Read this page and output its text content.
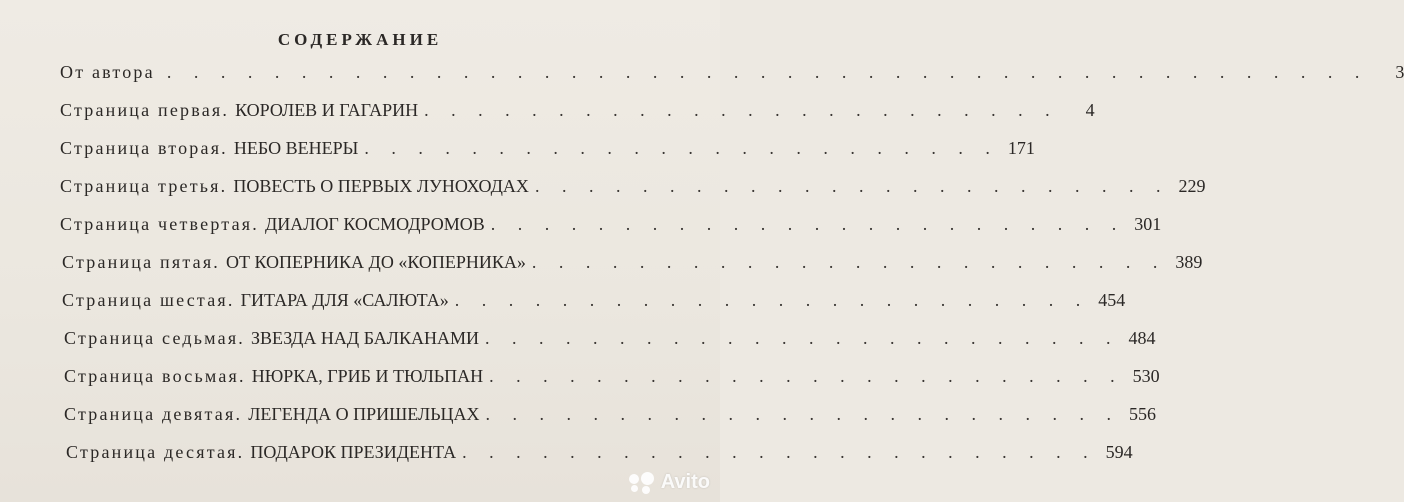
СОДЕРЖАНИЕ
От автора . . . . . . . . . . . . . . . . . . . . . . . . . . . . . . . . . . . . . . . . . . . . .	3
Страница первая. КОРОЛЕВ И ГАГАРИН . . . . . . . . . . . . . . . . . . . . . . . .	4
Страница вторая. НЕБО ВЕНЕРЫ . . . . . . . . . . . . . . . . . . . . . . . . 171
Страница третья. ПОВЕСТЬ О ПЕРВЫХ ЛУНОХОДАХ . . . . . . . . . . . . . . . . . . . . . . . . 229
Страница четвертая. ДИАЛОГ КОСМОДРОМОВ . . . . . . . . . . . . . . . . . . . . . . . . 301
Страница пятая. ОТ КОПЕРНИКА ДО «КОПЕРНИКА» . . . . . . . . . . . . . . . . . . . . . . . . 389
Страница шестая. ГИТАРА ДЛЯ «САЛЮТА» . . . . . . . . . . . . . . . . . . . . . . . . 454
Страница седьмая. ЗВЕЗДА НАД БАЛКАНАМИ . . . . . . . . . . . . . . . . . . . . . . . . 484
Страница восьмая. НЮРКА, ГРИБ И ТЮЛЬПАН . . . . . . . . . . . . . . . . . . . . . . . . 530
Страница девятая. ЛЕГЕНДА О ПРИШЕЛЬЦАХ . . . . . . . . . . . . . . . . . . . . . . . . 556
Страница десятая. ПОДАРОК ПРЕЗИДЕНТА . . . . . . . . . . . . . . . . . . . . . . . . 594
Avito
